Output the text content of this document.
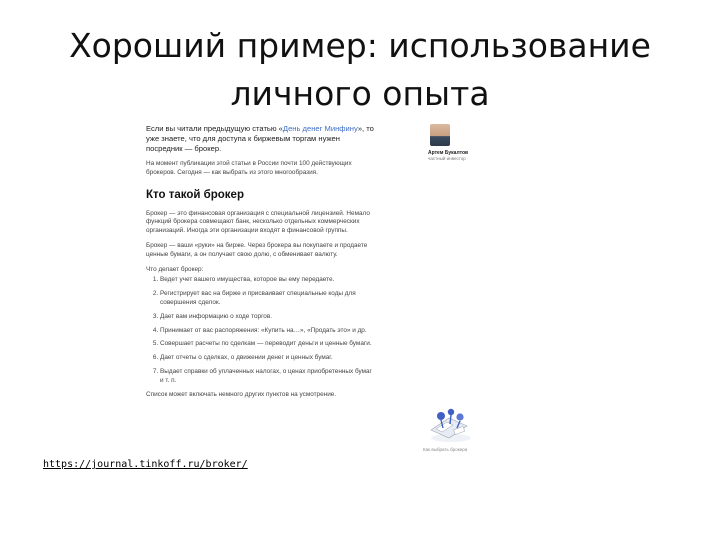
Хороший пример: использование
личного опыта

Если вы читали предыдущую статью «День денег Минфину», то уже знаете, что для доступа к биржевым торгам нужен посредник — брокер.

На момент публикации этой статьи в России почти 100 действующих брокеров. Сегодня — как выбрать из этого многообразия.

Кто такой брокер

Брокер — это финансовая организация с специальной лицензией. Немало функций брокера совмещают банк, несколько отдельных коммерческих организаций. Иногда эти организации входят в финансовой группы.

Брокер — ваши «руки» на бирже. Через брокера вы покупаете и продаете ценные бумаги, а он получает свою долю, с обменивает валюту.

Что делает брокер:
1. Ведет учет вашего имущества, которое вы ему передаете.
2. Регистрирует вас на бирже и присваивает специальные коды для совершения сделок.
3. Дает вам информацию о ходе торгов.
4. Принимает от вас распоряжения: «Купить на…», «Продать это» и др.
5. Совершает расчеты по сделкам — переводит деньги и ценные бумаги.
6. Дает отчеты о сделках, о движении денег и ценных бумаг.
7. Выдает справки об уплаченных налогах, о ценах приобретенных бумаг и т. п.

Список может включать немного других пунктов на усмотрение.

Артем Букалтов
частный инвестор
Как выбрать брокера
https://journal.tinkoff.ru/broker/
